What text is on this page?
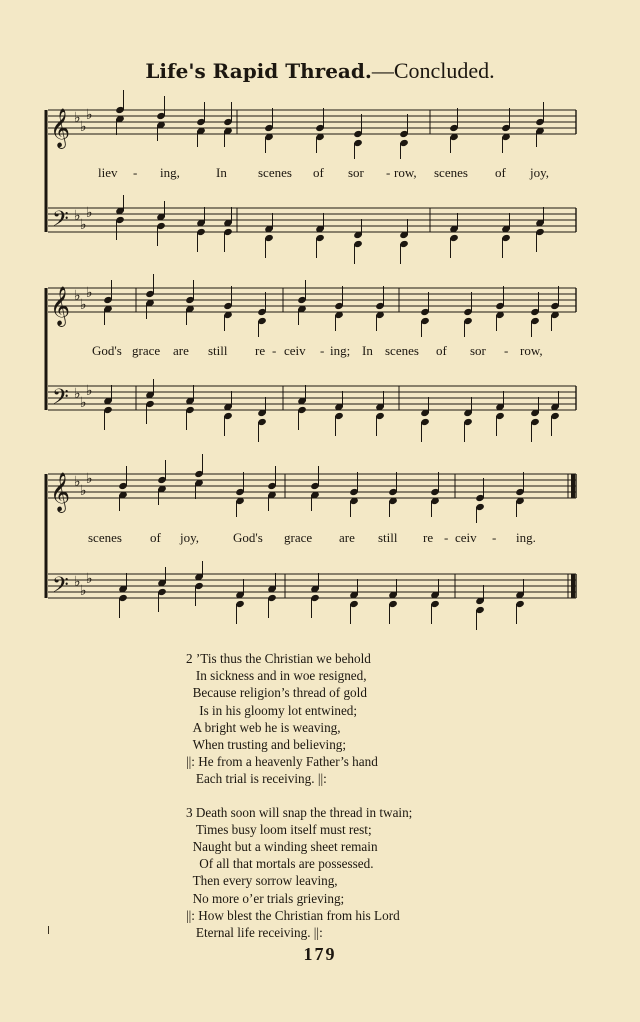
Life's Rapid Thread.—Concluded.
𝄞 ♭
♭
♭
𝄢 ♭
♭
♭
liev - ing,	In scenes of sor - row, scenes of joy,
𝄞 ♭
♭
♭
𝄢 ♭
♭
♭
God's grace are still re - ceiv - ing; In scenes of sor - row,
𝄞 ♭
♭
♭
𝄢 ♭
♭
♭
scenes of joy,	God's grace are still re - ceiv - ing.
2 ’Tis thus the Christian we behold
In sickness and in woe resigned,
Because religion’s thread of gold
Is in his gloomy lot entwined;
A bright web he is weaving,
When trusting and believing;
||: He from a heavenly Father’s hand
Each trial is receiving. ||:
3 Death soon will snap the thread in twain;
Times busy loom itself must rest;
Naught but a winding sheet remain
Of all that mortals are possessed.
Then every sorrow leaving,
No more o’er trials grieving;
||: How blest the Christian from his Lord
Eternal life receiving. ||:
179
